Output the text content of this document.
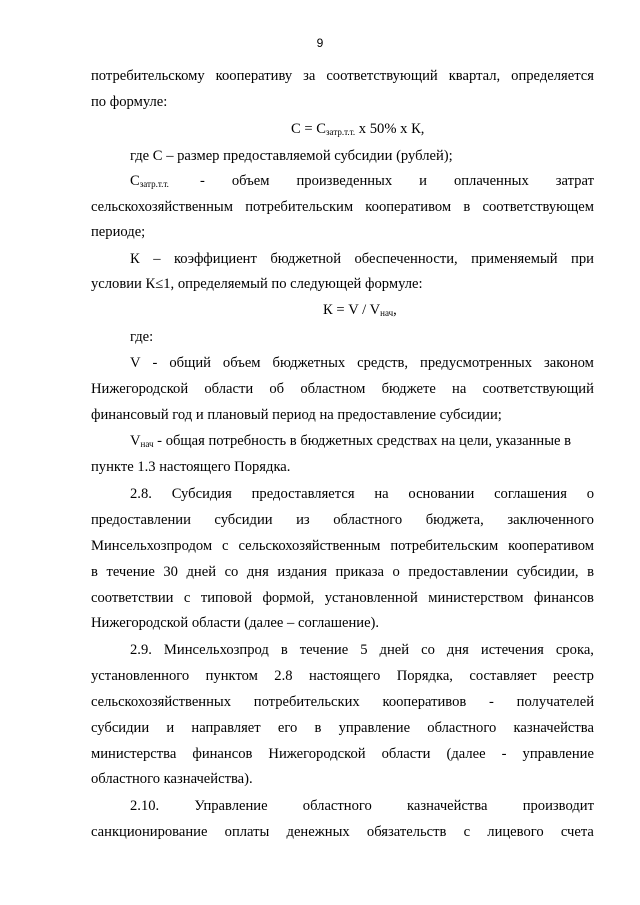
9
потребительскому кооперативу за соответствующий квартал, определяется
по формуле:
$С = С_{затр.т.т.}$ х 50% х К,
где С – размер предоставляемой субсидии (рублей);
$С_{затр.т.т.}$ - объем произведенных и оплаченных затрат
сельскохозяйственным потребительским кооперативом в соответствующем
периоде;
К – коэффициент бюджетной обеспеченности, применяемый при
условии К≤1, определяемый по следующей формуле:
$К = V / V_{нач}$,
где:
V - общий объем бюджетных средств, предусмотренных законом
Нижегородской области об областном бюджете на соответствующий
финансовый год и плановый период на предоставление субсидии;
$V_{нач}$ - общая потребность в бюджетных средствах на цели, указанные в
пункте 1.3 настоящего Порядка.
2.8. Субсидия предоставляется на основании соглашения о
предоставлении субсидии из областного бюджета, заключенного
Минсельхозпродом с сельскохозяйственным потребительским кооперативом
в течение 30 дней со дня издания приказа о предоставлении субсидии, в
соответствии с типовой формой, установленной министерством финансов
Нижегородской области (далее – соглашение).
2.9. Минсельхозпрод в течение 5 дней со дня истечения срока,
установленного пунктом 2.8 настоящего Порядка, составляет реестр
сельскохозяйственных потребительских кооперативов - получателей
субсидии и направляет его в управление областного казначейства
министерства финансов Нижегородской области (далее - управление
областного казначейства).
2.10. Управление областного казначейства производит
санкционирование оплаты денежных обязательств с лицевого счета
